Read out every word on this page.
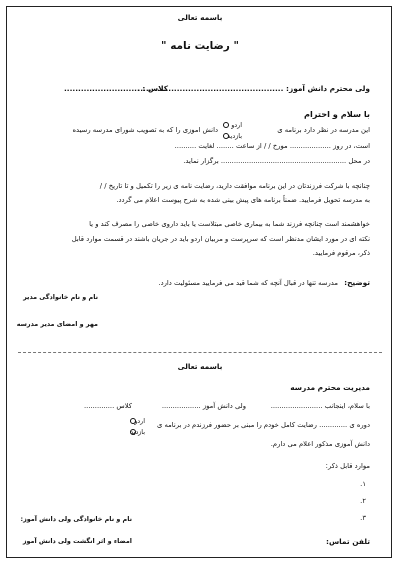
باسمه تعالی
" رضایت نامه "
ولی محترم دانش آموز: ....................................................
کلاس : ...........................
با سلام و احترام
این مدرسه در نظر دارد برنامه ی
اردو
بازدید
دانش اموزی را که به تصویب شورای مدرسه رسیده
است، در روز ................... مورخ / / از ساعت ........ لغایت ..........
در محل .......................................................... برگزار نماید.
چنانچه با شرکت فرزندتان در این برنامه موافقت دارید، رضایت نامه ی زیر را تکمیل و تا تاریخ / /
به مدرسه تحویل فرمایید. ضمناً برنامه های پیش بینی شده به شرح پیوست اعلام می گردد.
خواهشمند است چنانچه فرزند شما به بیماری خاصی مبتلاست یا باید داروی خاصی را مصرف کند و یا
نکته ای در مورد ایشان مدنظر است که سرپرست و مربیان اردو باید در جریان باشند در قسمت موارد قابل
ذکر، مرقوم فرمایید.
توضیح:
مدرسه تنها در قبال آنچه که شما قید می فرمایید مسئولیت دارد.
نام و نام خانوادگی مدیر
مهر و امضای مدیر مدرسه
باسمه تعالی
مدیریت محترم مدرسه
با سلام، اینجانب ........................
ولی دانش آموز ..................
کلاس ..............
دوره ی ............. رضایت کامل خودم را مبنی بر حضور فرزندم در برنامه ی
اردو
بازدید
دانش آموزی مذکور اعلام می دارم.
موارد قابل ذکر:
۱.
۲.
۳.
نام و نام خانوادگی ولی دانش آموز:
تلفن تماس:
امضاء و اثر انگشت ولی دانش آموز
